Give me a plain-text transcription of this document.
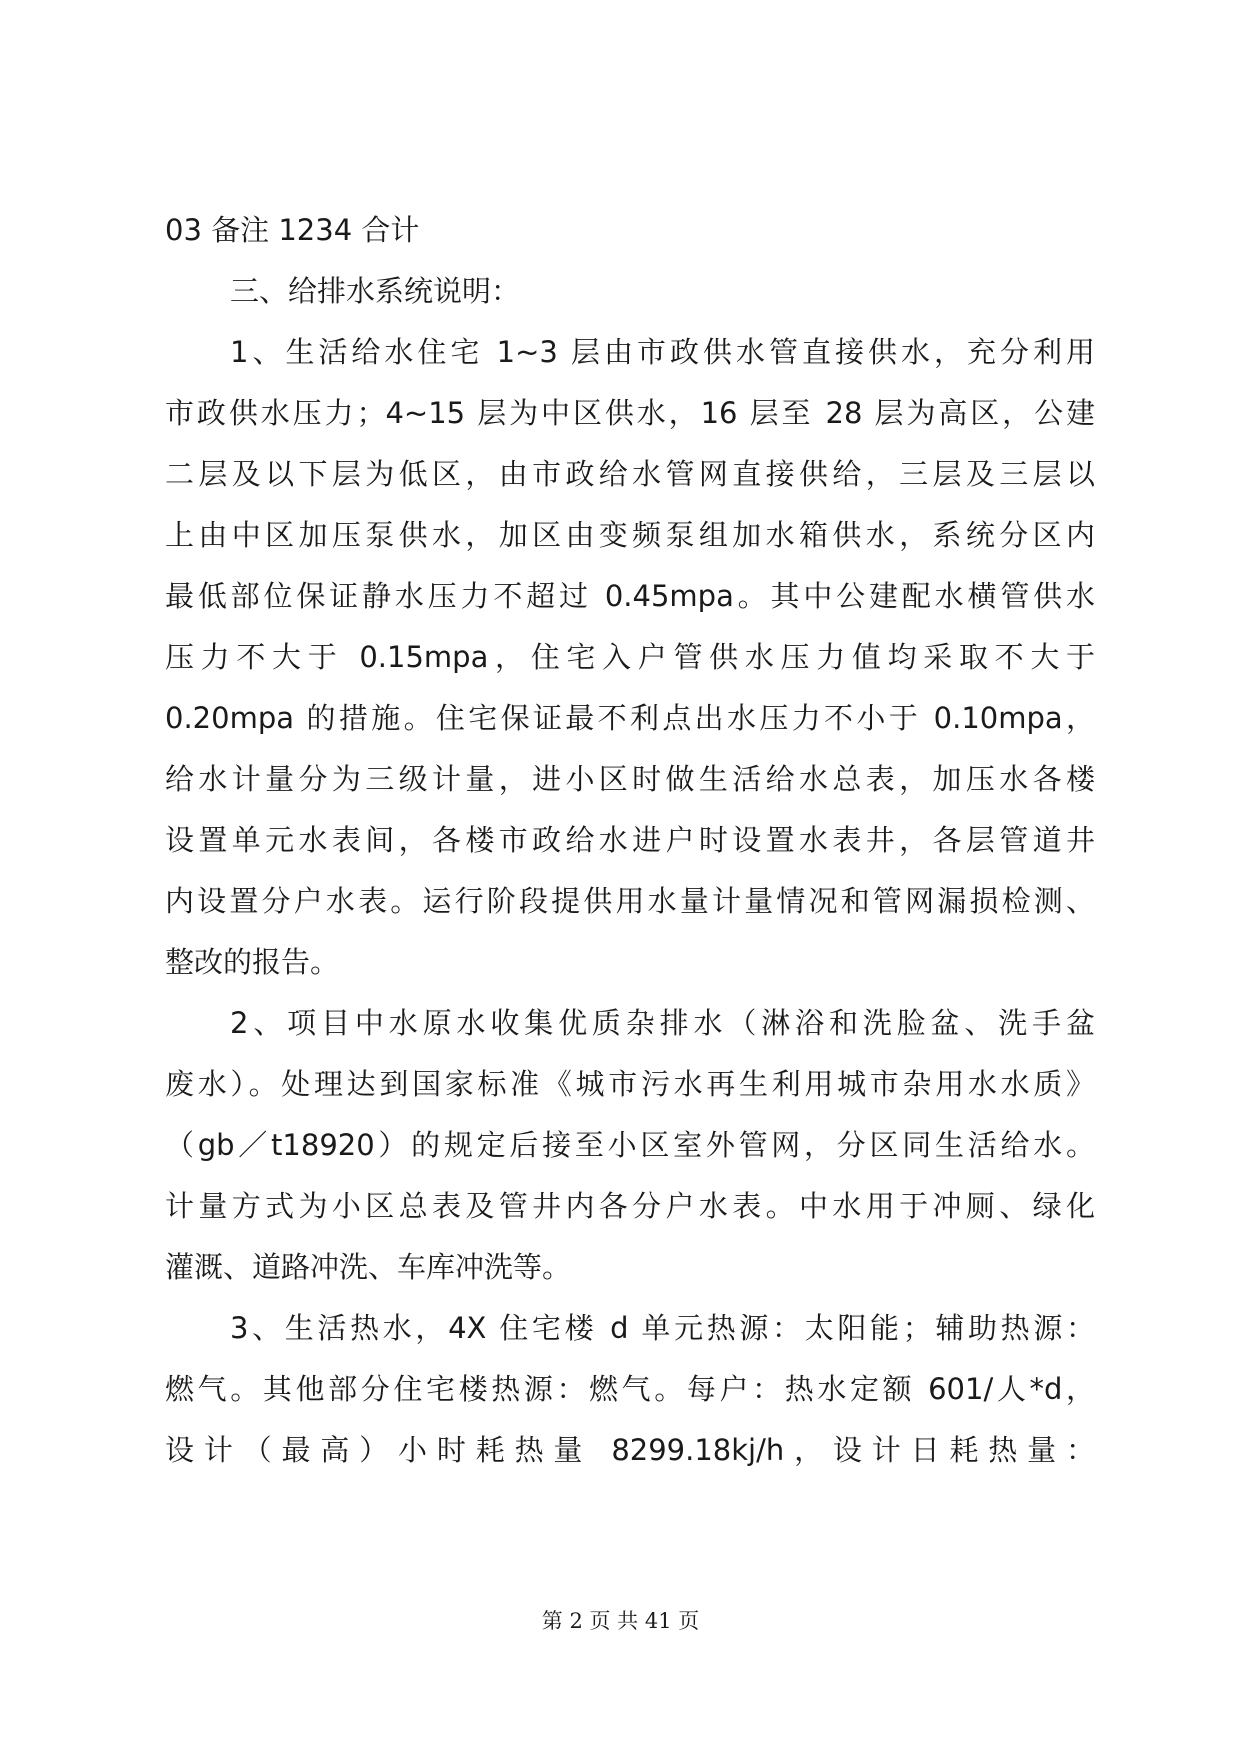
03 备注 1234 合计
三、给排水系统说明：
1、生活给水住宅 1~3 层由市政供水管直接供水，充分利用
市政供水压力；4~15 层为中区供水，16 层至 28 层为高区，公建
二层及以下层为低区，由市政给水管网直接供给，三层及三层以
上由中区加压泵供水，加区由变频泵组加水箱供水，系统分区内
最低部位保证静水压力不超过 0.45mpa。其中公建配水横管供水
压力不大于 0.15mpa，住宅入户管供水压力值均采取不大于
0.20mpa 的措施。住宅保证最不利点出水压力不小于 0.10mpa，
给水计量分为三级计量，进小区时做生活给水总表，加压水各楼
设置单元水表间，各楼市政给水进户时设置水表井，各层管道井
内设置分户水表。运行阶段提供用水量计量情况和管网漏损检测、
整改的报告。
2、项目中水原水收集优质杂排水（淋浴和洗脸盆、洗手盆
废水）。处理达到国家标准《城市污水再生利用城市杂用水水质》
（gb／t18920）的规定后接至小区室外管网，分区同生活给水。
计量方式为小区总表及管井内各分户水表。中水用于冲厕、绿化
灌溉、道路冲洗、车库冲洗等。
3、生活热水，4X 住宅楼 d 单元热源：太阳能；辅助热源：
燃气。其他部分住宅楼热源：燃气。每户：热水定额 601/人*d，
设计（最高）小时耗热量 8299.18kj/h，设计日耗热量：
第 2 页 共 41 页
